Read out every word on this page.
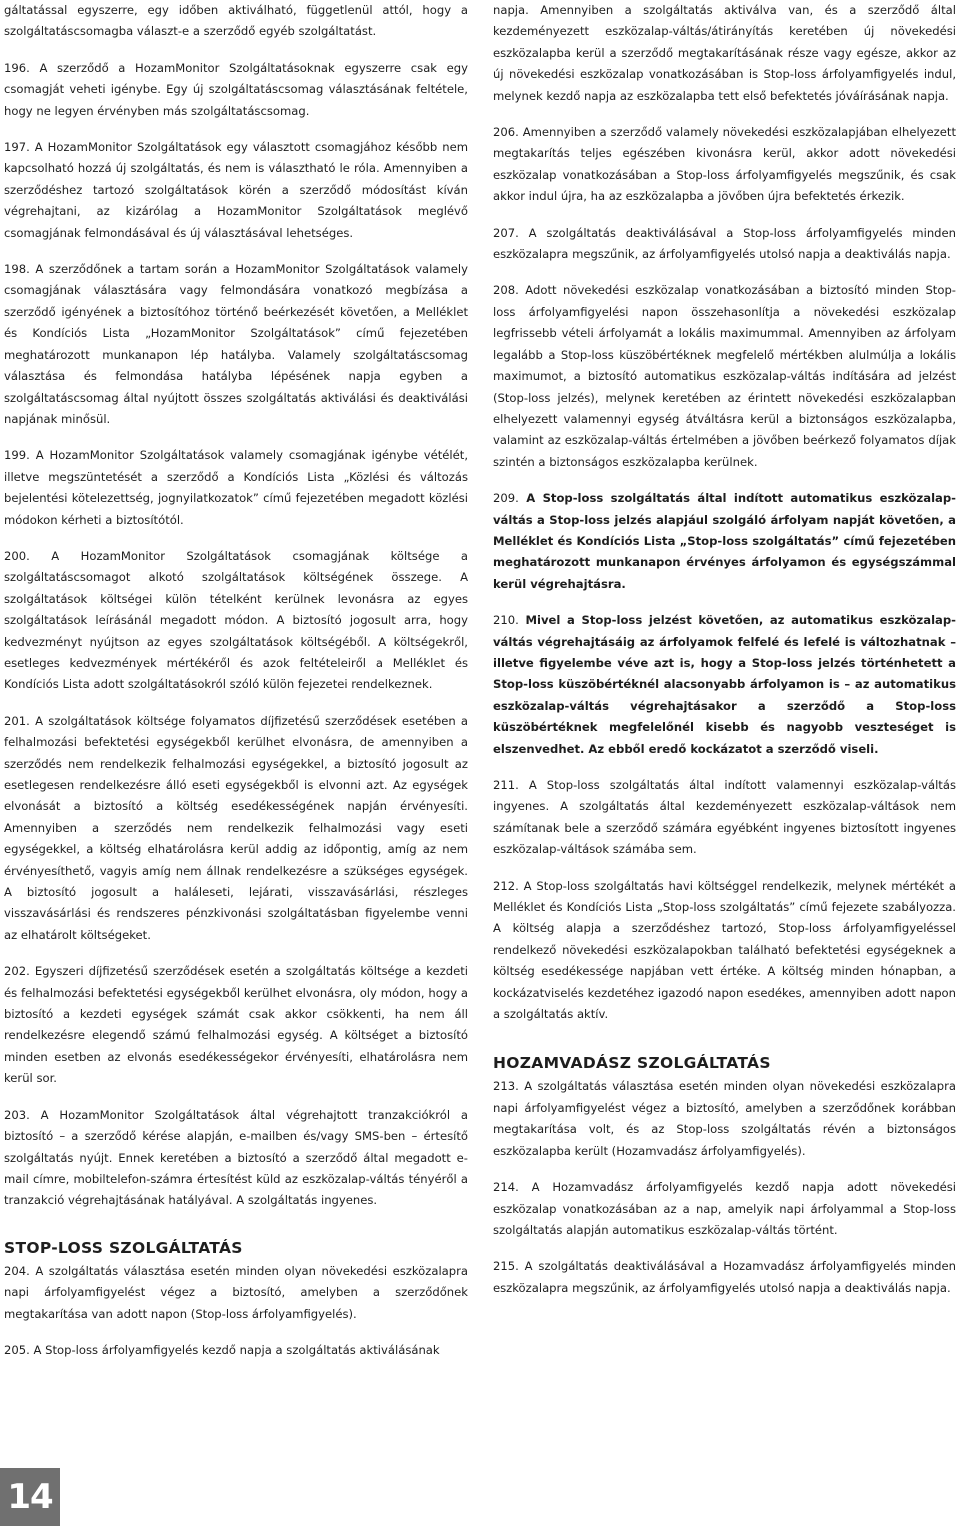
gáltatással egyszerre, egy időben aktiválható, függetlenül attól, hogy a szolgáltatáscsomagba választ-e a szerződő egyéb szolgáltatást.

196. A szerződő a HozamMonitor Szolgáltatásoknak egyszerre csak egy csomagját veheti igénybe. Egy új szolgáltatáscsomag választásának feltétele, hogy ne legyen érvényben más szolgáltatáscsomag.

197. A HozamMonitor Szolgáltatások egy választott csomagjához később nem kapcsolható hozzá új szolgáltatás, és nem is választható le róla. Amennyiben a szerződéshez tartozó szolgáltatások körén a szerződő módosítást kíván végrehajtani, az kizárólag a HozamMonitor Szolgáltatások meglévő csomagjának felmondásával és új választásával lehetséges.

198. A szerződőnek a tartam során a HozamMonitor Szolgáltatások valamely csomagjának választására vagy felmondására vonatkozó megbízása a szerződő igényének a biztosítóhoz történő beérkezését követően, a Melléklet és Kondíciós Lista „HozamMonitor Szolgáltatások” című fejezetében meghatározott munkanapon lép hatályba. Valamely szolgáltatáscsomag választása és felmondása hatályba lépésének napja egyben a szolgáltatáscsomag által nyújtott összes szolgáltatás aktiválási és deaktiválási napjának minősül.

199. A HozamMonitor Szolgáltatások valamely csomagjának igénybe vétélét, illetve megszüntetését a szerződő a Kondíciós Lista „Közlési és változás bejelentési kötelezettség, jognyilatkozatok” című fejezetében megadott közlési módokon kérheti a biztosítótól.

200. A HozamMonitor Szolgáltatások csomagjának költsége a szolgáltatáscsomagot alkotó szolgáltatások költségének összege. A szolgáltatások költségei külön tételként kerülnek levonásra az egyes szolgáltatások leírásánál megadott módon. A biztosító jogosult arra, hogy kedvezményt nyújtson az egyes szolgáltatások költségéből. A költségekről, esetleges kedvezmények mértékéről és azok feltételeiről a Melléklet és Kondíciós Lista adott szolgáltatásokról szóló külön fejezetei rendelkeznek.

201. A szolgáltatások költsége folyamatos díjfizetésű szerződések esetében a felhalmozási befektetési egységekből kerülhet elvonásra, de amennyiben a szerződés nem rendelkezik felhalmozási egységekkel, a biztosító jogosult az esetlegesen rendelkezésre álló eseti egységekből is elvonni azt. Az egységek elvonását a biztosító a költség esedékességének napján érvényesíti. Amennyiben a szerződés nem rendelkezik felhalmozási vagy eseti egységekkel, a költség elhatárolásra kerül addig az időpontig, amíg az nem érvényesíthető, vagyis amíg nem állnak rendelkezésre a szükséges egységek. A biztosító jogosult a haláleseti, lejárati, visszavásárlási, részleges visszavásárlási és rendszeres pénzkivonási szolgáltatásban figyelembe venni az elhatárolt költségeket.

202. Egyszeri díjfizetésű szerződések esetén a szolgáltatás költsége a kezdeti és felhalmozási befektetési egységekből kerülhet elvonásra, oly módon, hogy a biztosító a kezdeti egységek számát csak akkor csökkenti, ha nem áll rendelkezésre elegendő számú felhalmozási egység. A költséget a biztosító minden esetben az elvonás esedékességekor érvényesíti, elhatárolásra nem kerül sor.

203. A HozamMonitor Szolgáltatások által végrehajtott tranzakciókról a biztosító – a szerződő kérése alapján, e-mailben és/vagy SMS-ben – értesítő szolgáltatás nyújt. Ennek keretében a biztosító a szerződő által megadott e-mail címre, mobiltelefon-számra értesítést küld az eszközalap-váltás tényéről a tranzakció végrehajtásának hatályával. A szolgáltatás ingyenes.

STOP-LOSS SZOLGÁLTATÁS

204. A szolgáltatás választása esetén minden olyan növekedési eszközalapra napi árfolyamfigyelést végez a biztosító, amelyben a szerződőnek megtakarítása van adott napon (Stop-loss árfolyamfigyelés).

205. A Stop-loss árfolyamfigyelés kezdő napja a szolgáltatás aktiválásának

napja. Amennyiben a szolgáltatás aktiválva van, és a szerződő által kezdeményezett eszközalap-váltás/átirányítás keretében új növekedési eszközalapba kerül a szerződő megtakarításának része vagy egésze, akkor az új növekedési eszközalap vonatkozásában is Stop-loss árfolyamfigyelés indul, melynek kezdő napja az eszközalapba tett első befektetés jóváírásának napja.

206. Amennyiben a szerződő valamely növekedési eszközalapjában elhelyezett megtakarítás teljes egészében kivonásra kerül, akkor adott növekedési eszközalap vonatkozásában a Stop-loss árfolyamfigyelés megszűnik, és csak akkor indul újra, ha az eszközalapba a jövőben újra befektetés érkezik.

207. A szolgáltatás deaktiválásával a Stop-loss árfolyamfigyelés minden eszközalapra megszűnik, az árfolyamfigyelés utolsó napja a deaktiválás napja.

208. Adott növekedési eszközalap vonatkozásában a biztosító minden Stop-loss árfolyamfigyelési napon összehasonlítja a növekedési eszközalap legfrissebb vételi árfolyamát a lokális maximummal. Amennyiben az árfolyam legalább a Stop-loss küszöbértéknek megfelelő mértékben alulmúlja a lokális maximumot, a biztosító automatikus eszközalap-váltás indítására ad jelzést (Stop-loss jelzés), melynek keretében az érintett növekedési eszközalapban elhelyezett valamennyi egység átváltásra kerül a biztonságos eszközalapba, valamint az eszközalap-váltás értelmében a jövőben beérkező folyamatos díjak szintén a biztonságos eszközalapba kerülnek.

209. A Stop-loss szolgáltatás által indított automatikus eszközalap-váltás a Stop-loss jelzés alapjául szolgáló árfolyam napját követően, a Melléklet és Kondíciós Lista „Stop-loss szolgáltatás” című fejezetében meghatározott munkanapon érvényes árfolyamon és egységszámmal kerül végrehajtásra.

210. Mivel a Stop-loss jelzést követően, az automatikus eszközalap-váltás végrehajtásáig az árfolyamok felfelé és lefelé is változhatnak – illetve figyelembe véve azt is, hogy a Stop-loss jelzés történhetett a Stop-loss küszöbértéknél alacsonyabb árfolyamon is – az automatikus eszközalap-váltás végrehajtásakor a szerződő a Stop-loss küszöbértéknek megfelelőnél kisebb és nagyobb veszteséget is elszenvedhet. Az ebből eredő kockázatot a szerződő viseli.

211. A Stop-loss szolgáltatás által indított valamennyi eszközalap-váltás ingyenes. A szolgáltatás által kezdeményezett eszközalap-váltások nem számítanak bele a szerződő számára egyébként ingyenes biztosított ingyenes eszközalap-váltások számába sem.

212. A Stop-loss szolgáltatás havi költséggel rendelkezik, melynek mértékét a Melléklet és Kondíciós Lista „Stop-loss szolgáltatás” című fejezete szabályozza. A költség alapja a szerződéshez tartozó, Stop-loss árfolyamfigyeléssel rendelkező növekedési eszközalapokban található befektetési egységeknek a költség esedékessége napjában vett értéke. A költség minden hónapban, a kockázatviselés kezdetéhez igazodó napon esedékes, amennyiben adott napon a szolgáltatás aktív.

HOZAMVADÁSZ SZOLGÁLTATÁS

213. A szolgáltatás választása esetén minden olyan növekedési eszközalapra napi árfolyamfigyelést végez a biztosító, amelyben a szerződőnek korábban megtakarítása volt, és az Stop-loss szolgáltatás révén a biztonságos eszközalapba került (Hozamvadász árfolyamfigyelés).

214. A Hozamvadász árfolyamfigyelés kezdő napja adott növekedési eszközalap vonatkozásában az a nap, amelyik napi árfolyammal a Stop-loss szolgáltatás alapján automatikus eszközalap-váltás történt.

215. A szolgáltatás deaktiválásával a Hozamvadász árfolyamfigyelés minden eszközalapra megszűnik, az árfolyamfigyelés utolsó napja a deaktiválás napja.

14
